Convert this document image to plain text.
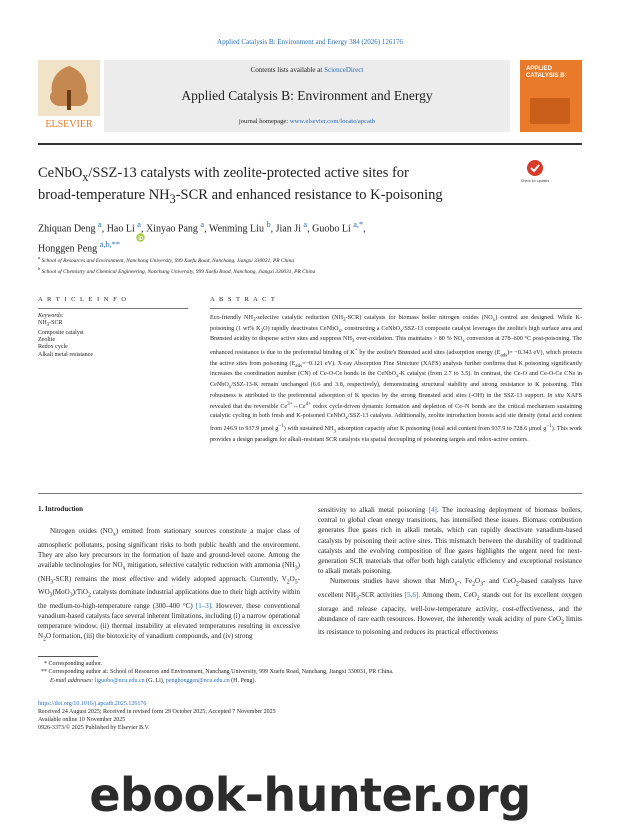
Applied Catalysis B: Environment and Energy 384 (2026) 126176
ELSEVIER
Contents lists available at ScienceDirect
Applied Catalysis B: Environment and Energy
journal homepage: www.elsevier.com/locate/apcatb
APPLIED CATALYSIS B:
CeNbO$_x$/SSZ-13 catalysts with zeolite-protected active sites for
broad-temperature $NH_3$-SCR and enhanced resistance to K-poisoning
Check for updates
Zhiquan Deng $^a$, Hao Li $^a$, Xinyao Pang $^a$, Wenming Liu $^b$, Jian Ji $^a$, Guobo Li $^{a,*}$,
Honggen Peng $^{a,b,**}$
$^a$ School of Resources and Environment, Nanchang University, 999 Xuefu Road, Nanchang, Jiangxi 330031, PR China
$^b$ School of Chemistry and Chemical Engineering, Nanchang University, 999 Xuefu Road, Nanchang, Jiangxi 330031, PR China
A R T I C L E I N F O	A B S T R A C T
Keywords:
$NH_3$-SCR
Composite catalyst
Zeolite
Redox cycle
Alkali metal resistance
Eco-friendly $NH_3$-selective catalytic reduction $(NH_3-SCR)$ catalysts for biomass boiler nitrogen oxides $(NO_x)$ control are designed. While K-poisoning (1 wt% $K_2O$) rapidly deactivates CeNbO$_x$, constructing a CeNbO$_x$/SSZ-13 composite catalyst leverages the zeolite's high surface area and Brønsted acidity to disperse active sites and suppress $NH_3$ over-oxidation. This maintains > 80 % $NO_x$ conversion at 278–600 °C post-poisoning. The enhanced resistance is due to the preferential binding of K+ by the zeolite's Brønsted acid sites (adsorption energy $(E_{ads})= -0.343$ eV), which protects the active sites from poisoning ($E_{ads}=-0.121$ eV). X-ray Absorption Fine Structure (XAFS) analysis further confirms that K poisoning significantly increases the coordination number (CN) of Ce-O-Ce bonds in the CeNbO$_x$-K catalyst (from 2.7 to 3.5). In contrast, the Ce-O and Ce-O-Ce CNs in CeNbO$_x$/SSZ-13-K remain unchanged (6.6 and 3.8, respectively), demonstrating structural stability and strong resistance to K poisoning. This robustness is attributed to the preferential adsorption of K species by the strong Brønsted acid sites (-OH) in the SSZ-13 support. In situ XAFS revealed that the reversible $Ce^{3+}\leftrightarrow Ce^{4+}$ redox cycle-driven dynamic formation and depletion of Ce–N bonds are the critical mechanism sustaining catalytic cycling in both fresh and K-poisoned CeNbO$_x$/SSZ-13 catalysts. Additionally, zeolite introduction boosts acid site density (total acid content from 246.9 to 937.9 μmol $g^{-1}$) with sustained $NH_3$ adsorption capacity after K poisoning (total acid content from 937.9 to 728.6 μmol $g^{-1}$). This work provides a design paradigm for alkali-resistant SCR catalysts via spatial decoupling of poisoning targets and redox-active centers.
1. Introduction

Nitrogen oxides $(NO_x)$ emitted from stationary sources constitute a major class of atmospheric pollutants, posing significant risks to both public health and the environment. They are also key precursors in the formation of haze and ground-level ozone. Among the available technologies for $NO_x$ mitigation, selective catalytic reduction with ammonia $(NH_3)$ $(NH_3-SCR)$ remains the most effective and widely adopted approach. Currently, $V_2O_5-WO_3(MoO_3)/TiO_2$ catalysts dominate industrial applications due to their high activity within the medium-to-high-temperature range (300–400 °C) [1–3]. However, these conventional vanadium-based catalysts face several inherent limitations, including (i) a narrow operational temperature window, (ii) thermal instability at elevated temperatures resulting in excessive $N_2O$ formation, (iii) the biotoxicity of vanadium compounds, and (iv) strong

sensitivity to alkali metal poisoning [4]. The increasing deployment of biomass boilers, central to global clean energy transitions, has intensified these issues. Biomass combustion generates flue gases rich in alkali metals, which can rapidly deactivate vanadium-based catalysts by poisoning their active sites. This mismatch between the durability of traditional catalysts and the evolving composition of flue gases highlights the urgent need for next-generation SCR materials that offer both high catalytic efficiency and exceptional resistance to alkali metals poisoning.

Numerous studies have shown that MnO$_x$-, $Fe_2O_3-$ and CeO$_2$-based catalysts have excellent $NH_3$-SCR activities [5,6]. Among them, CeO$_2$ stands out for its excellent oxygen storage and release capacity, well-low-temperature activity, cost-effectiveness, and the abundance of rare earth resources. However, the inherently weak acidity of pure CeO$_2$ limits its resistance to poisoning and reduces its practical effectiveness

* Corresponding author.
** Corresponding author at: School of Resources and Environment, Nanchang University, 999 Xuefu Road, Nanchang, Jiangxi 330031, PR China.
E-mail addresses: liguobo@ncu.edu.cn (G. Li), penghonggen@ncu.edu.cn (H. Peng).
https://doi.org/10.1016/j.apcatb.2025.126176
Received 24 August 2025; Received in revised form 29 October 2025; Accepted 7 November 2025
Available online 10 November 2025
0926-3373/© 2025 Published by Elsevier B.V.
ebook-hunter.org
